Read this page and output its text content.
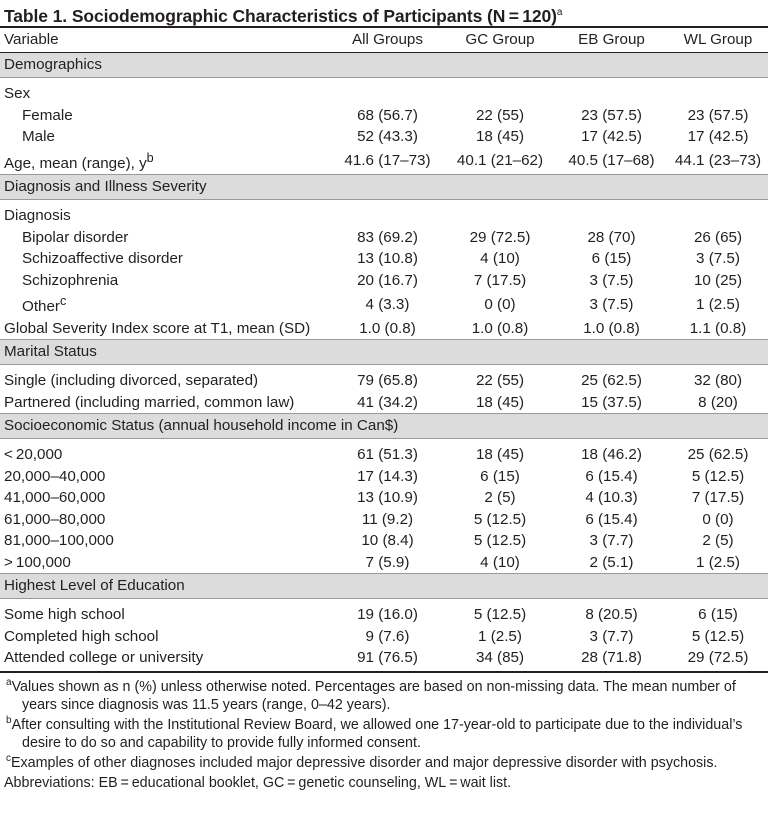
Table 1. Sociodemographic Characteristics of Participants (N = 120)$^a$
Variable	All Groups	GC Group	EB Group	WL Group
Demographics				
Sex				
Female	68 (56.7)	22 (55)	23 (57.5)	23 (57.5)
Male	52 (43.3)	18 (45)	17 (42.5)	17 (42.5)
Age, mean (range), $y^b$	41.6 (17–73)	40.1 (21–62)	40.5 (17–68)	44.1 (23–73)
Diagnosis and Illness Severity				
Diagnosis				
Bipolar disorder	83 (69.2)	29 (72.5)	28 (70)	26 (65)
Schizoaffective disorder	13 (10.8)	4 (10)	6 (15)	3 (7.5)
Schizophrenia	20 (16.7)	7 (17.5)	3 (7.5)	10 (25)
Other$^c$	4 (3.3)	0 (0)	3 (7.5)	1 (2.5)
Global Severity Index score at T1, mean (SD)	1.0 (0.8)	1.0 (0.8)	1.0 (0.8)	1.1 (0.8)
Marital Status				
Single (including divorced, separated)	79 (65.8)	22 (55)	25 (62.5)	32 (80)
Partnered (including married, common law)	41 (34.2)	18 (45)	15 (37.5)	8 (20)
Socioeconomic Status (annual household income in Can$)				
< 20,000	61 (51.3)	18 (45)	18 (46.2)	25 (62.5)
20,000–40,000	17 (14.3)	6 (15)	6 (15.4)	5 (12.5)
41,000–60,000	13 (10.9)	2 (5)	4 (10.3)	7 (17.5)
61,000–80,000	11 (9.2)	5 (12.5)	6 (15.4)	0 (0)
81,000–100,000	10 (8.4)	5 (12.5)	3 (7.7)	2 (5)
> 100,000	7 (5.9)	4 (10)	2 (5.1)	1 (2.5)
Highest Level of Education				
Some high school	19 (16.0)	5 (12.5)	8 (20.5)	6 (15)
Completed high school	9 (7.6)	1 (2.5)	3 (7.7)	5 (12.5)
Attended college or university	91 (76.5)	34 (85)	28 (71.8)	29 (72.5)

$^a$Values shown as n (%) unless otherwise noted. Percentages are based on non-missing data. The mean number of years since diagnosis was 11.5 years (range, 0–42 years).

$^b$After consulting with the Institutional Review Board, we allowed one 17-year-old to participate due to the individual’s desire to do so and capability to provide fully informed consent.

$^c$Examples of other diagnoses included major depressive disorder and major depressive disorder with psychosis.

Abbreviations: EB = educational booklet, GC = genetic counseling, WL = wait list.
